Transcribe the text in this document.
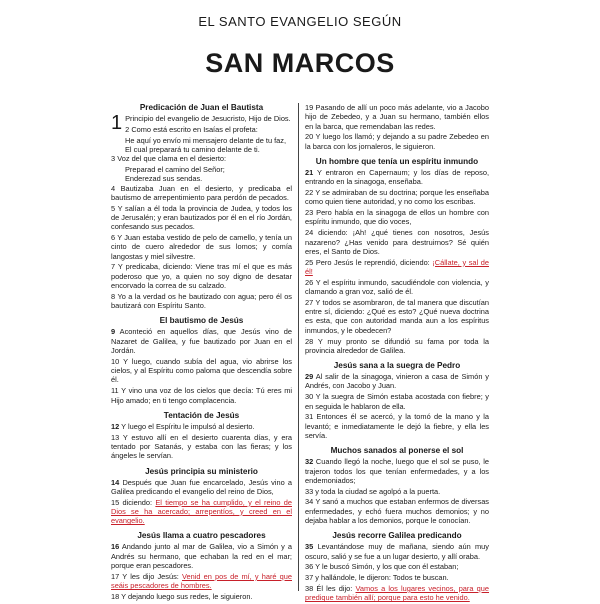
EL SANTO EVANGELIO SEGÚN
SAN MARCOS
Predicación de Juan el Bautista

1 Principio del evangelio de Jesucristo, Hijo de Dios.

2 Como está escrito en Isaías el profeta:

He aquí yo envío mi mensajero delante de tu faz,

El cual preparará tu camino delante de ti.

3 Voz del que clama en el desierto:

Preparad el camino del Señor;

Enderezad sus sendas.

4 Bautizaba Juan en el desierto, y predicaba el bautismo de arrepentimiento para perdón de pecados.

5 Y salían a él toda la provincia de Judea, y todos los de Jerusalén; y eran bautizados por él en el río Jordán, confesando sus pecados.

6 Y Juan estaba vestido de pelo de camello, y tenía un cinto de cuero alrededor de sus lomos; y comía langostas y miel silvestre.

7 Y predicaba, diciendo: Viene tras mí el que es más poderoso que yo, a quien no soy digno de desatar encorvado la correa de su calzado.

8 Yo a la verdad os he bautizado con agua; pero él os bautizará con Espíritu Santo.

El bautismo de Jesús

9 Aconteció en aquellos días, que Jesús vino de Nazaret de Galilea, y fue bautizado por Juan en el Jordán.

10 Y luego, cuando subía del agua, vio abrirse los cielos, y al Espíritu como paloma que descendía sobre él.

11 Y vino una voz de los cielos que decía: Tú eres mi Hijo amado; en ti tengo complacencia.

Tentación de Jesús

12 Y luego el Espíritu le impulsó al desierto.

13 Y estuvo allí en el desierto cuarenta días, y era tentado por Satanás, y estaba con las fieras; y los ángeles le servían.

Jesús principia su ministerio

14 Después que Juan fue encarcelado, Jesús vino a Galilea predicando el evangelio del reino de Dios,

15 diciendo: El tiempo se ha cumplido, y el reino de Dios se ha acercado; arrepentíos, y creed en el evangelio.

Jesús llama a cuatro pescadores

16 Andando junto al mar de Galilea, vio a Simón y a Andrés su hermano, que echaban la red en el mar; porque eran pescadores.

17 Y les dijo Jesús: Venid en pos de mí, y haré que seáis pescadores de hombres.

18 Y dejando luego sus redes, le siguieron.

19 Pasando de allí un poco más adelante, vio a Jacobo hijo de Zebedeo, y a Juan su hermano, también ellos en la barca, que remendaban las redes.

20 Y luego los llamó; y dejando a su padre Zebedeo en la barca con los jornaleros, le siguieron.

Un hombre que tenía un espíritu inmundo

21 Y entraron en Capernaum; y los días de reposo, entrando en la sinagoga, enseñaba.

22 Y se admiraban de su doctrina; porque les enseñaba como quien tiene autoridad, y no como los escribas.

23 Pero había en la sinagoga de ellos un hombre con espíritu inmundo, que dio voces,

24 diciendo: ¡Ah! ¿qué tienes con nosotros, Jesús nazareno? ¿Has venido para destruirnos? Sé quién eres, el Santo de Dios.

25 Pero Jesús le reprendió, diciendo: ¡Cállate, y sal de él!

26 Y el espíritu inmundo, sacudiéndole con violencia, y clamando a gran voz, salió de él.

27 Y todos se asombraron, de tal manera que discutían entre sí, diciendo: ¿Qué es esto? ¿Qué nueva doctrina es esta, que con autoridad manda aun a los espíritus inmundos, y le obedecen?

28 Y muy pronto se difundió su fama por toda la provincia alrededor de Galilea.

Jesús sana a la suegra de Pedro

29 Al salir de la sinagoga, vinieron a casa de Simón y Andrés, con Jacobo y Juan.

30 Y la suegra de Simón estaba acostada con fiebre; y en seguida le hablaron de ella.

31 Entonces él se acercó, y la tomó de la mano y la levantó; e inmediatamente le dejó la fiebre, y ella les servía.

Muchos sanados al ponerse el sol

32 Cuando llegó la noche, luego que el sol se puso, le trajeron todos los que tenían enfermedades, y a los endemoniados;

33 y toda la ciudad se agolpó a la puerta.

34 Y sanó a muchos que estaban enfermos de diversas enfermedades, y echó fuera muchos demonios; y no dejaba hablar a los demonios, porque le conocían.

Jesús recorre Galilea predicando

35 Levantándose muy de mañana, siendo aún muy oscuro, salió y se fue a un lugar desierto, y allí oraba.

36 Y le buscó Simón, y los que con él estaban;

37 y hallándole, le dijeron: Todos te buscan.

38 Él les dijo: Vamos a los lugares vecinos, para que predique también allí; porque para esto he venido.
